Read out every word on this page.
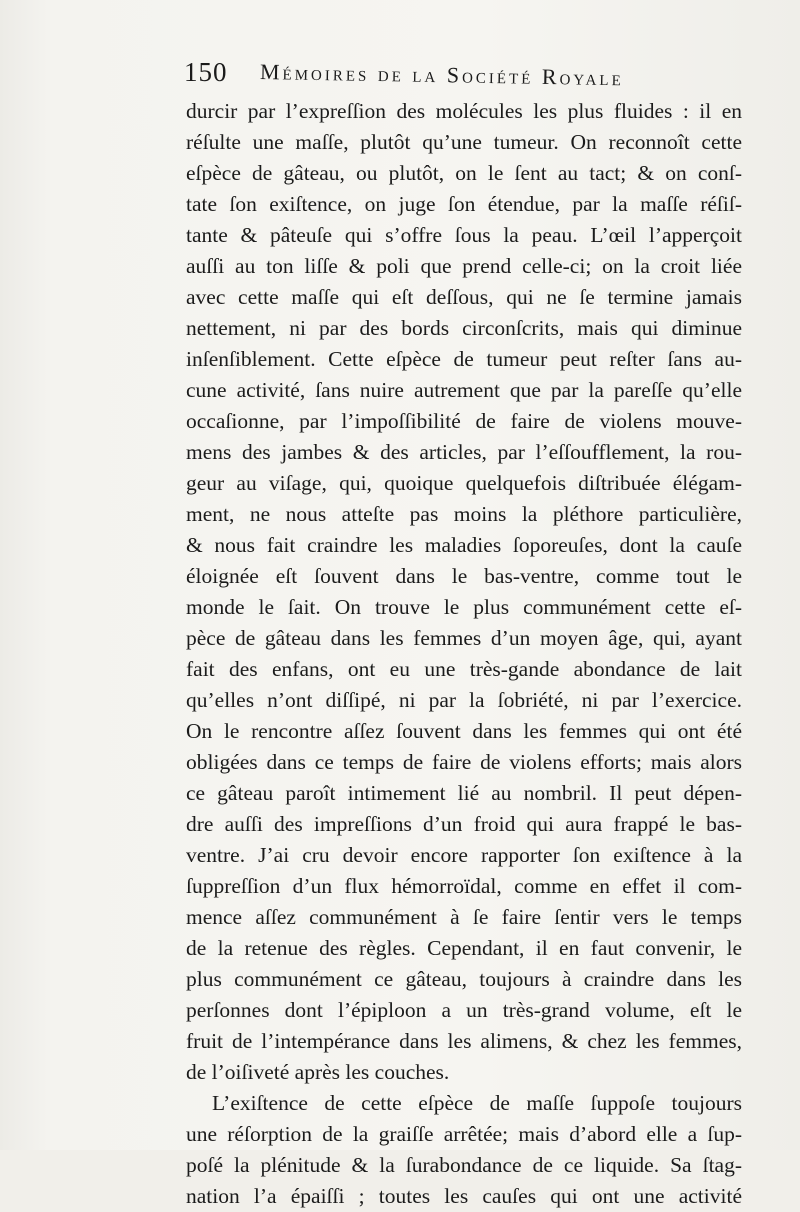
150 Mémoires de la Société Royale
durcir par l’expreſſion des molécules les plus fluides : il en
réſulte une maſſe, plutôt qu’une tumeur. On reconnoît cette
eſpèce de gâteau, ou plutôt, on le ſent au tact; & on conſ-
tate ſon exiſtence, on juge ſon étendue, par la maſſe réſiſ-
tante & pâteuſe qui s’offre ſous la peau. L’œil l’apperçoit
auſſi au ton liſſe & poli que prend celle-ci; on la croit liée
avec cette maſſe qui eſt deſſous, qui ne ſe termine jamais
nettement, ni par des bords circonſcrits, mais qui diminue
inſenſiblement. Cette eſpèce de tumeur peut reſter ſans au-
cune activité, ſans nuire autrement que par la pareſſe qu’elle
occaſionne, par l’impoſſibilité de faire de violens mouve-
mens des jambes & des articles, par l’eſſoufflement, la rou-
geur au viſage, qui, quoique quelquefois diſtribuée élégam-
ment, ne nous atteſte pas moins la pléthore particulière,
& nous fait craindre les maladies ſoporeuſes, dont la cauſe
éloignée eſt ſouvent dans le bas-ventre, comme tout le
monde le ſait. On trouve le plus communément cette eſ-
pèce de gâteau dans les femmes d’un moyen âge, qui, ayant
fait des enfans, ont eu une très-gande abondance de lait
qu’elles n’ont diſſipé, ni par la ſobriété, ni par l’exercice.
On le rencontre aſſez ſouvent dans les femmes qui ont été
obligées dans ce temps de faire de violens efforts; mais alors
ce gâteau paroît intimement lié au nombril. Il peut dépen-
dre auſſi des impreſſions d’un froid qui aura frappé le bas-
ventre. J’ai cru devoir encore rapporter ſon exiſtence à la
ſuppreſſion d’un flux hémorroïdal, comme en effet il com-
mence aſſez communément à ſe faire ſentir vers le temps
de la retenue des règles. Cependant, il en faut convenir, le
plus communément ce gâteau, toujours à craindre dans les
perſonnes dont l’épiploon a un très-grand volume, eſt le
fruit de l’intempérance dans les alimens, & chez les femmes,
de l’oiſiveté après les couches.
L’exiſtence de cette eſpèce de maſſe ſuppoſe toujours
une réſorption de la graiſſe arrêtée; mais d’abord elle a ſup-
poſé la plénitude & la ſurabondance de ce liquide. Sa ſtag-
nation l’a épaiſſi ; toutes les cauſes qui ont une activité
